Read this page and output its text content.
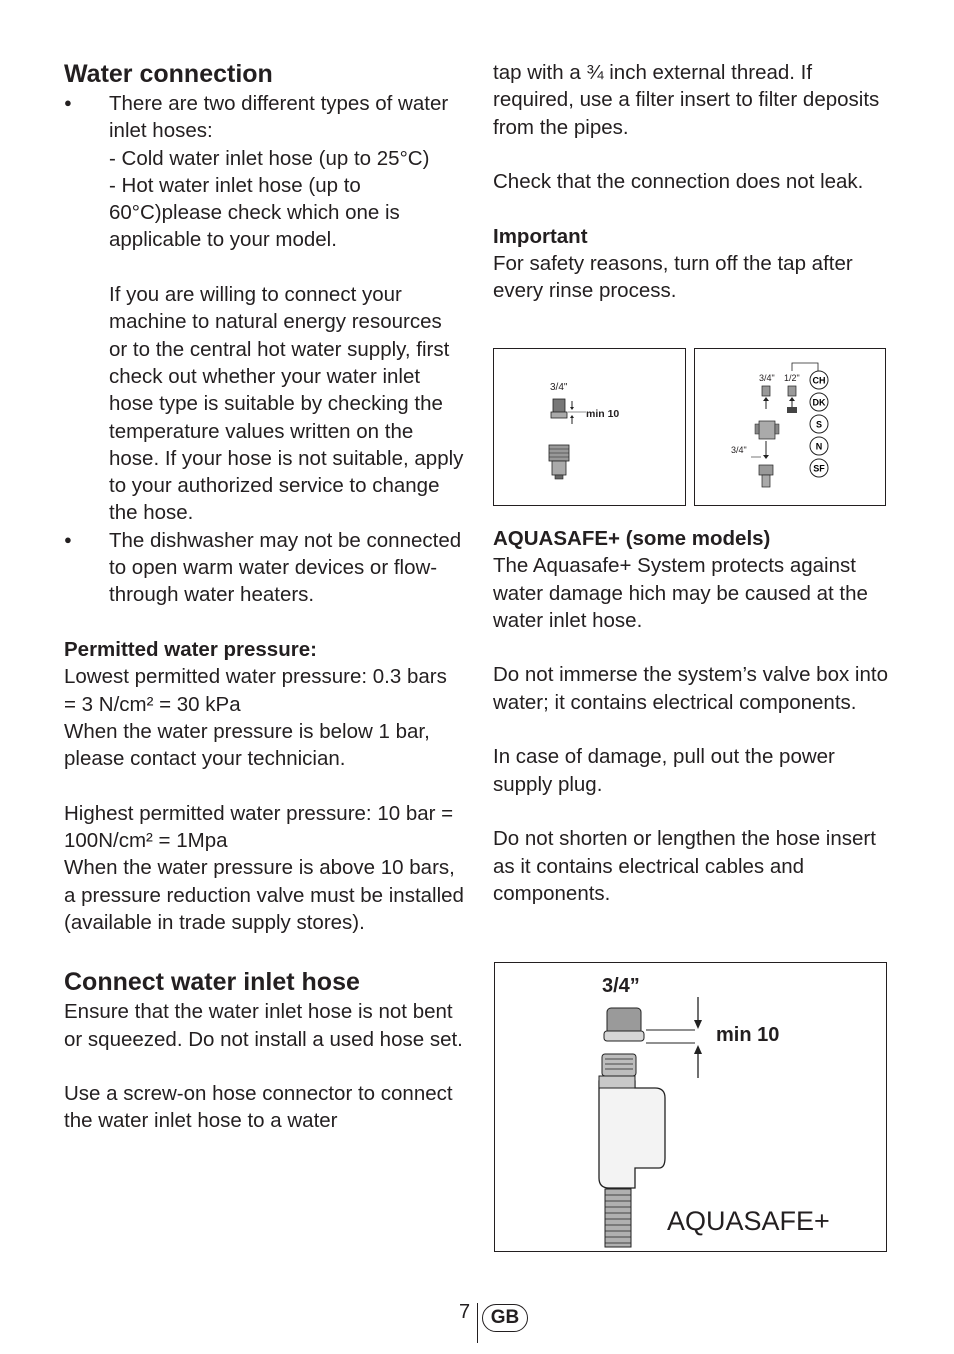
Water connection
●

There are two different types of water inlet hoses:

- Cold water inlet hose (up to 25°C)

- Hot water inlet hose (up to 60°C)please check which one is applicable to your model.

If you are willing to connect your machine to natural energy resources or to the central hot water supply, first check out whether your water inlet hose type is suitable by checking the temperature values written on the hose. If your hose is not suitable, apply to your authorized service to change the hose.

●

The dishwasher may not be connected to open warm water devices or flow-through water heaters.

Permitted water pressure:

Lowest permitted water pressure: 0.3 bars = 3 N/cm² = 30 kPa

When the water pressure is below 1 bar, please contact your technician.

Highest permitted water pressure: 10 bar = 100N/cm² = 1Mpa

When the water pressure is above 10 bars, a pressure reduction valve must be installed (available in trade supply stores).

Connect water inlet hose

Ensure that the water inlet hose is not bent or squeezed. Do not install a used hose set.

Use a screw-on hose connector to connect the water inlet hose to a water

tap with a ¾ inch external thread. If required, use a filter insert to filter deposits from the pipes.

Check that the connection does not leak.

Important

For safety reasons, turn off the tap after every rinse process.

AQUASAFE+ (some models)

The Aquasafe+ System protects against water damage hich may be caused at the water inlet hose.

Do not immerse the system’s valve box into water; it contains electrical components.

In case of damage, pull out the power supply plug.

Do not shorten or lengthen the hose insert as it contains electrical cables and components.

3/4"
min 10
3/4" 1/2"
3/4"
CH
DK
S
N
SF
3/4”
min 10
AQUASAFE+
7	GB
